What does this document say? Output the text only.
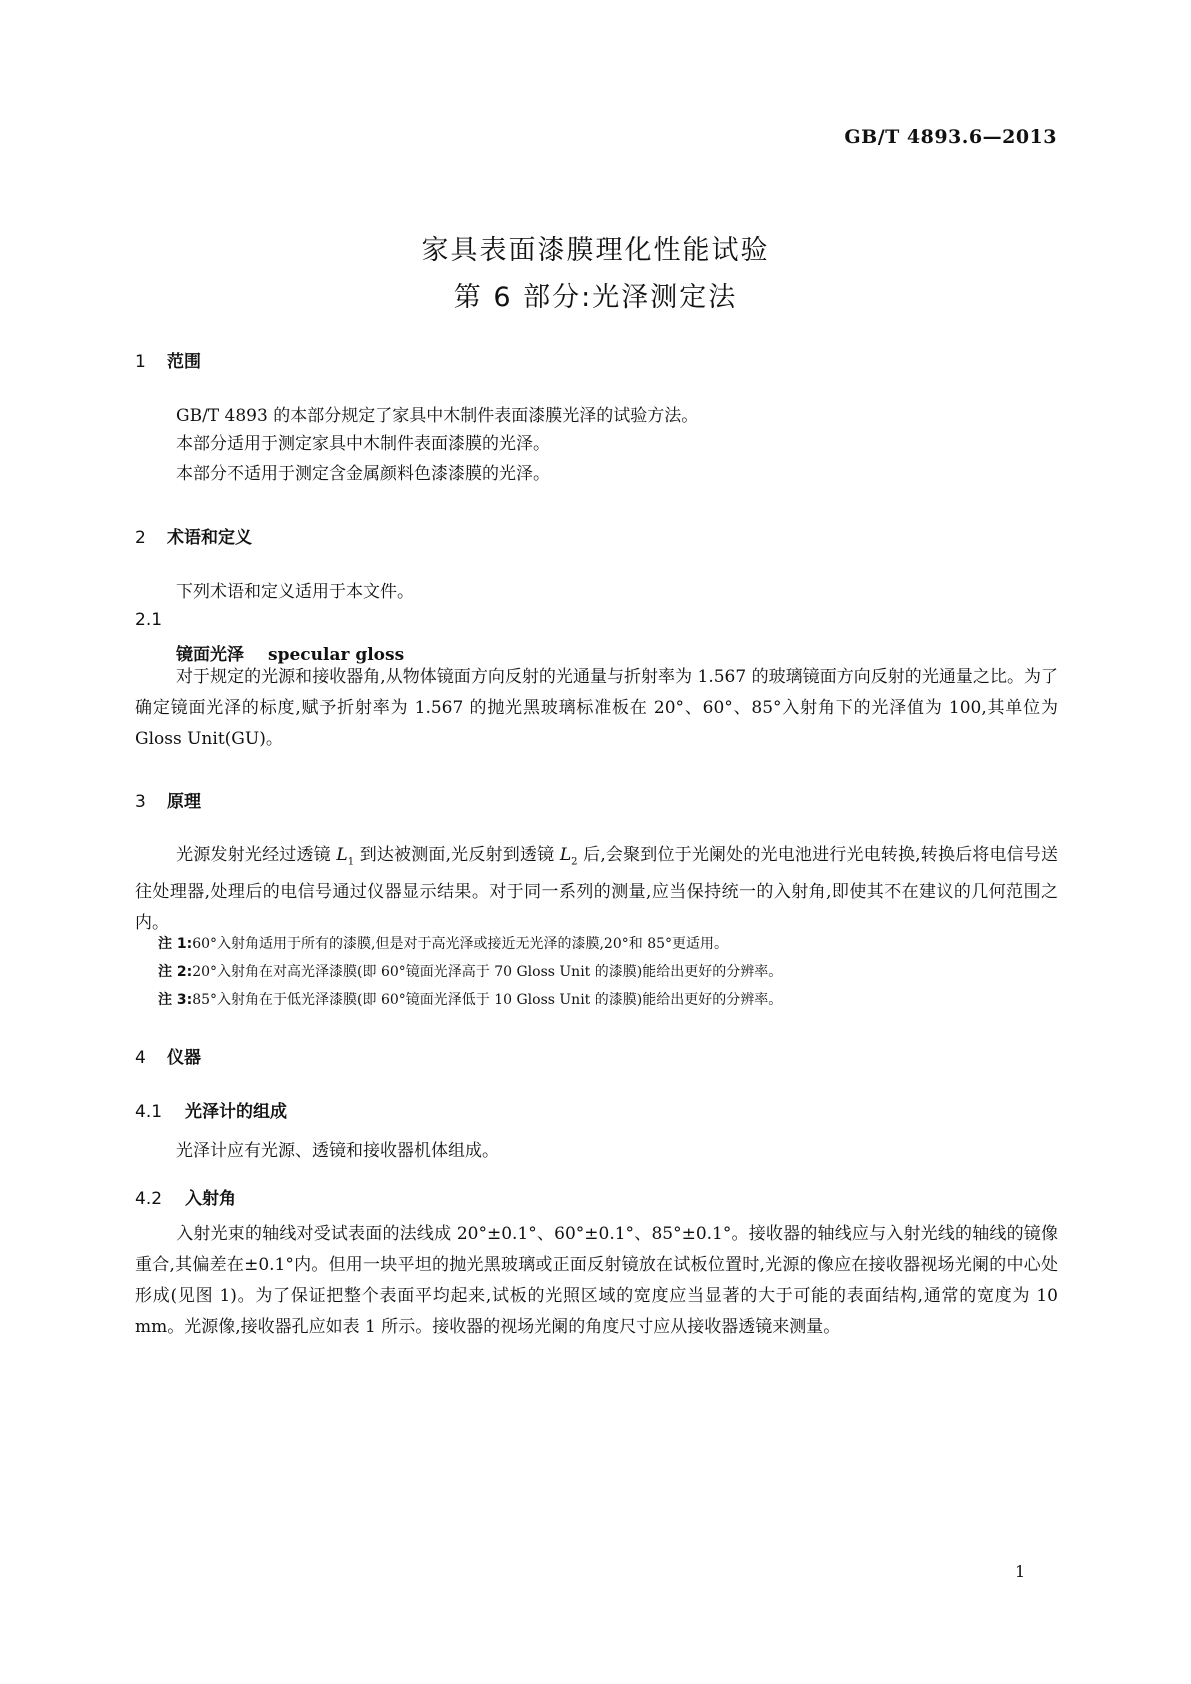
GB/T 4893.6—2013
家具表面漆膜理化性能试验
第 6 部分:光泽测定法
1 范围
GB/T 4893 的本部分规定了家具中木制件表面漆膜光泽的试验方法。
本部分适用于测定家具中木制件表面漆膜的光泽。
本部分不适用于测定含金属颜料色漆漆膜的光泽。
2 术语和定义
下列术语和定义适用于本文件。
2.1
镜面光泽 specular gloss
对于规定的光源和接收器角,从物体镜面方向反射的光通量与折射率为 1.567 的玻璃镜面方向反射的光通量之比。为了确定镜面光泽的标度,赋予折射率为 1.567 的抛光黑玻璃标准板在 20°、60°、85°入射角下的光泽值为 100,其单位为 Gloss Unit(GU)。
3 原理
光源发射光经过透镜 $L_1$ 到达被测面,光反射到透镜 $L_2$ 后,会聚到位于光阑处的光电池进行光电转换,转换后将电信号送往处理器,处理后的电信号通过仪器显示结果。对于同一系列的测量,应当保持统一的入射角,即使其不在建议的几何范围之内。
注 1:60°入射角适用于所有的漆膜,但是对于高光泽或接近无光泽的漆膜,20°和 85°更适用。
注 2:20°入射角在对高光泽漆膜(即 60°镜面光泽高于 70 Gloss Unit 的漆膜)能给出更好的分辨率。
注 3:85°入射角在于低光泽漆膜(即 60°镜面光泽低于 10 Gloss Unit 的漆膜)能给出更好的分辨率。
4 仪器
4.1 光泽计的组成
光泽计应有光源、透镜和接收器机体组成。
4.2 入射角
入射光束的轴线对受试表面的法线成 20°±0.1°、60°±0.1°、85°±0.1°。接收器的轴线应与入射光线的轴线的镜像重合,其偏差在±0.1°内。但用一块平坦的抛光黑玻璃或正面反射镜放在试板位置时,光源的像应在接收器视场光阑的中心处形成(见图 1)。为了保证把整个表面平均起来,试板的光照区域的宽度应当显著的大于可能的表面结构,通常的宽度为 10 mm。光源像,接收器孔应如表 1 所示。接收器的视场光阑的角度尺寸应从接收器透镜来测量。
1
